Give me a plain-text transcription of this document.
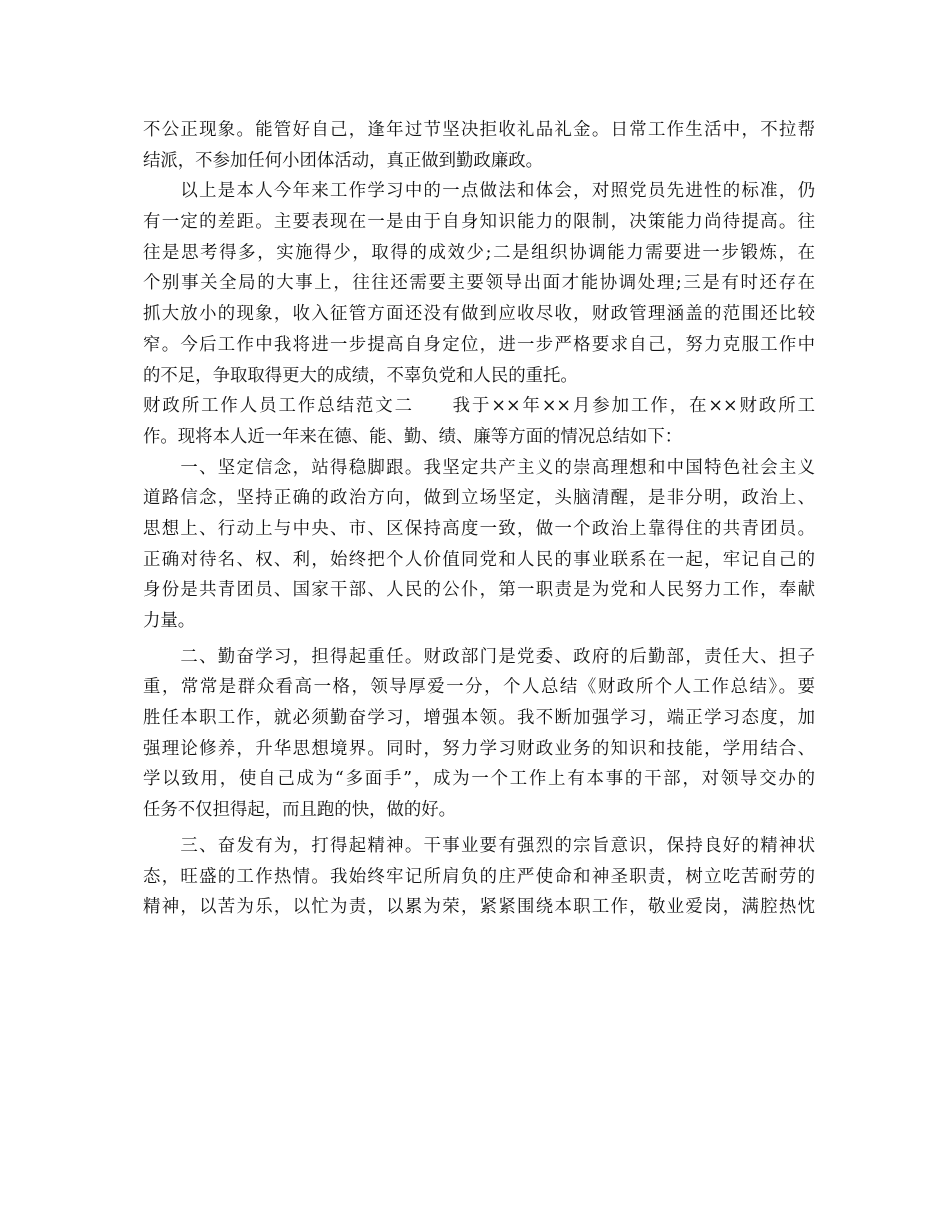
不公正现象。能管好自己，逢年过节坚决拒收礼品礼金。日常工作生活中，不拉帮
结派，不参加任何小团体活动，真正做到勤政廉政。
　　以上是本人今年来工作学习中的一点做法和体会，对照党员先进性的标准，仍
有一定的差距。主要表现在一是由于自身知识能力的限制，决策能力尚待提高。往
往是思考得多，实施得少，取得的成效少;二是组织协调能力需要进一步锻炼，在
个别事关全局的大事上，往往还需要主要领导出面才能协调处理;三是有时还存在
抓大放小的现象，收入征管方面还没有做到应收尽收，财政管理涵盖的范围还比较
窄。今后工作中我将进一步提高自身定位，进一步严格要求自己，努力克服工作中
的不足，争取取得更大的成绩，不辜负党和人民的重托。
财政所工作人员工作总结范文二　　我于××年××月参加工作，在××财政所工
作。现将本人近一年来在德、能、勤、绩、廉等方面的情况总结如下：
　　一、坚定信念，站得稳脚跟。我坚定共产主义的崇高理想和中国特色社会主义
道路信念，坚持正确的政治方向，做到立场坚定，头脑清醒，是非分明，政治上、
思想上、行动上与中央、市、区保持高度一致，做一个政治上靠得住的共青团员。
正确对待名、权、利，始终把个人价值同党和人民的事业联系在一起，牢记自己的
身份是共青团员、国家干部、人民的公仆，第一职责是为党和人民努力工作，奉献
力量。
　　二、勤奋学习，担得起重任。财政部门是党委、政府的后勤部，责任大、担子
重，常常是群众看高一格，领导厚爱一分，个人总结《财政所个人工作总结》。要
胜任本职工作，就必须勤奋学习，增强本领。我不断加强学习，端正学习态度，加
强理论修养，升华思想境界。同时，努力学习财政业务的知识和技能，学用结合、
学以致用，使自己成为“多面手”，成为一个工作上有本事的干部，对领导交办的
任务不仅担得起，而且跑的快，做的好。
　　三、奋发有为，打得起精神。干事业要有强烈的宗旨意识，保持良好的精神状
态，旺盛的工作热情。我始终牢记所肩负的庄严使命和神圣职责，树立吃苦耐劳的
精神，以苦为乐，以忙为责，以累为荣，紧紧围绕本职工作，敬业爱岗，满腔热忱
